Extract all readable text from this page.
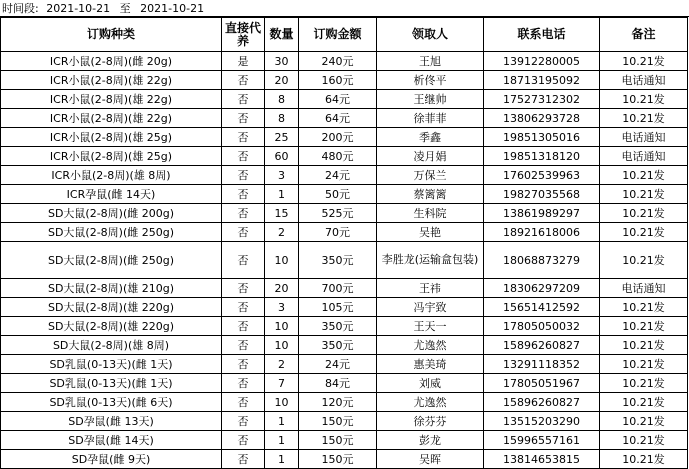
时间段: 2021-10-21 至 2021-10-21
订购种类	直接代养	数量	订购金额	领取人	联系电话	备注
ICR小鼠(2-8周)(雌 20g)	是	30	240元	王旭	13912280005	10.21发
ICR小鼠(2-8周)(雄 22g)	否	20	160元	析佟平	18713195092	电话通知
ICR小鼠(2-8周)(雄 22g)	否	8	64元	王继帅	17527312302	10.21发
ICR小鼠(2-8周)(雄 22g)	否	8	64元	徐菲菲	13806293728	10.21发
ICR小鼠(2-8周)(雄 25g)	否	25	200元	季鑫	19851305016	电话通知
ICR小鼠(2-8周)(雄 25g)	否	60	480元	凌月娟	19851318120	电话通知
ICR小鼠(2-8周)(雄 8周)	否	3	24元	万保兰	17602539963	10.21发
ICR孕鼠(雌 14天)	否	1	50元	蔡篱篱	19827035568	10.21发
SD大鼠(2-8周)(雌 200g)	否	15	525元	生科院	13861989297	10.21发
SD大鼠(2-8周)(雌 250g)	否	2	70元	吴艳	18921618006	10.21发
SD大鼠(2-8周)(雌 250g)	否	10	350元	李胜龙(运输盒包装)	18068873279	10.21发
SD大鼠(2-8周)(雄 210g)	否	20	700元	王祎	18306297209	电话通知
SD大鼠(2-8周)(雄 220g)	否	3	105元	冯宇致	15651412592	10.21发
SD大鼠(2-8周)(雄 220g)	否	10	350元	王天一	17805050032	10.21发
SD大鼠(2-8周)(雄 8周)	否	10	350元	尤逸然	15896260827	10.21发
SD乳鼠(0-13天)(雌 1天)	否	2	24元	惠美琦	13291118352	10.21发
SD乳鼠(0-13天)(雌 1天)	否	7	84元	刘威	17805051967	10.21发
SD乳鼠(0-13天)(雌 6天)	否	10	120元	尤逸然	15896260827	10.21发
SD孕鼠(雌 13天)	否	1	150元	徐芬芬	13515203290	10.21发
SD孕鼠(雌 14天)	否	1	150元	彭龙	15996557161	10.21发
SD孕鼠(雌 9天)	否	1	150元	吴晖	13814653815	10.21发
